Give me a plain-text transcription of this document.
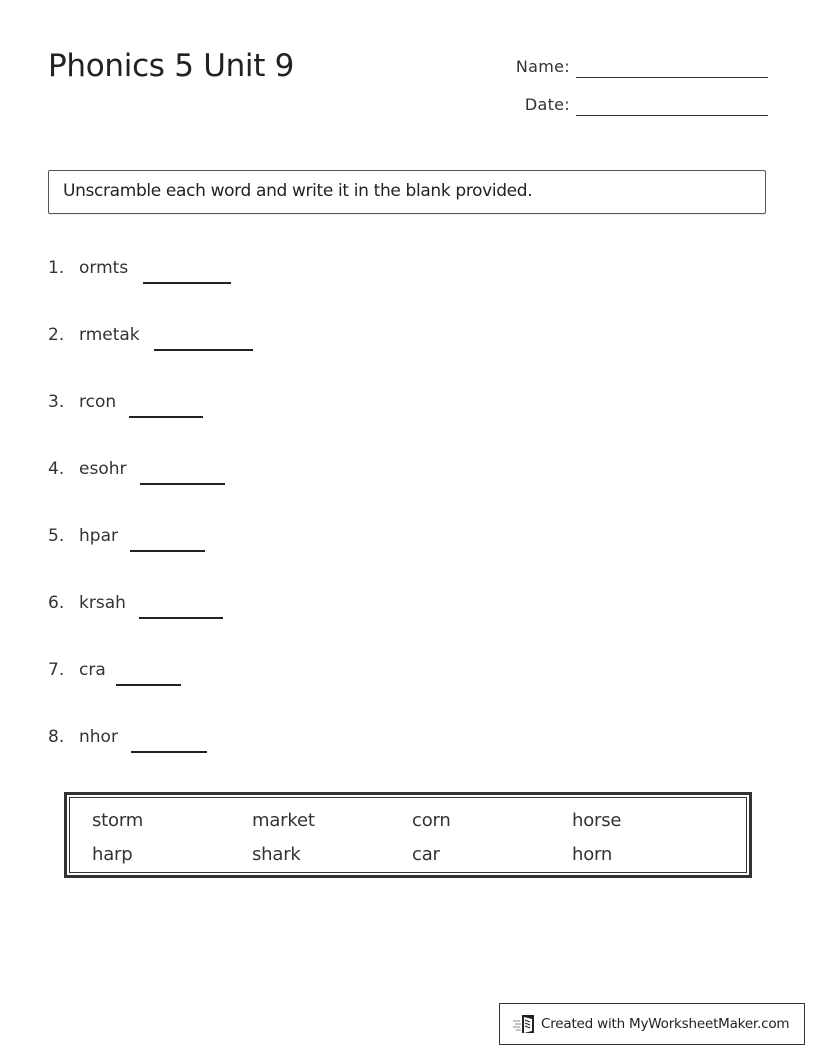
Phonics 5 Unit 9	Name:
Date:
Unscramble each word and write it in the blank provided.
1. ormts
2. rmetak
3. rcon
4. esohr
5. hpar
6. krsah
7. cra
8. nhor
storm	market	corn	horse
harp	shark	car	horn
Created with MyWorksheetMaker.com
